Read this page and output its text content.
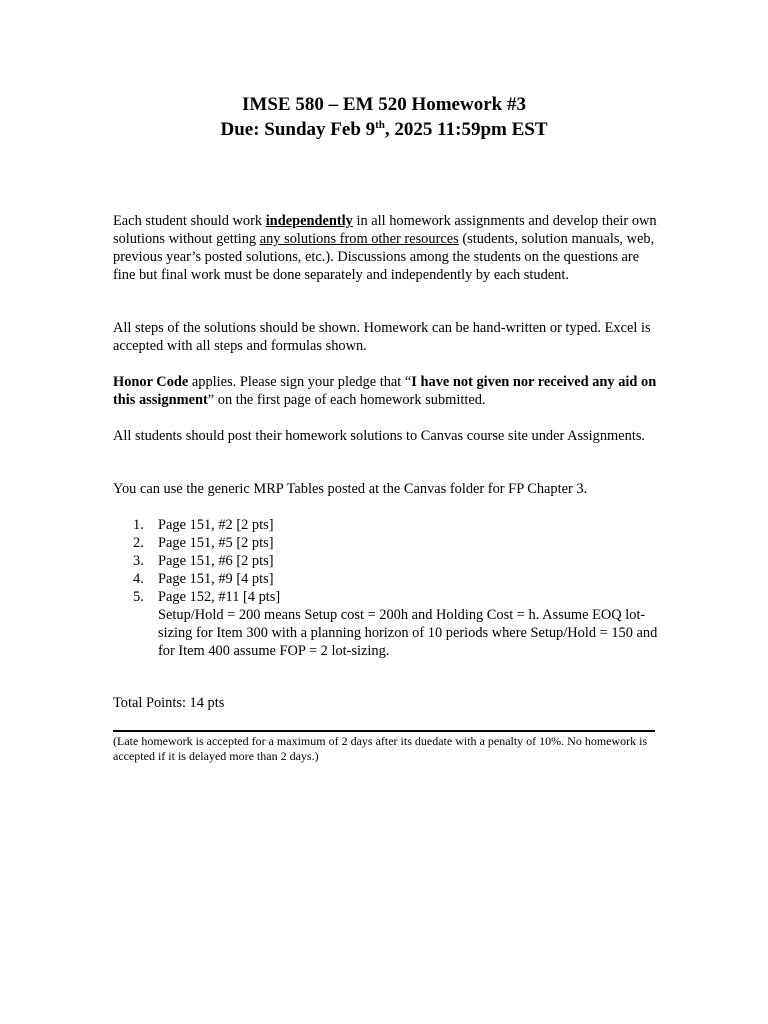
IMSE 580 – EM 520 Homework #3
Due: Sunday Feb 9th, 2025 11:59pm EST
Each student should work independently in all homework assignments and develop their own solutions without getting any solutions from other resources (students, solution manuals, web, previous year’s posted solutions, etc.). Discussions among the students on the questions are fine but final work must be done separately and independently by each student.
All steps of the solutions should be shown. Homework can be hand-written or typed. Excel is accepted with all steps and formulas shown.
Honor Code applies. Please sign your pledge that “I have not given nor received any aid on this assignment” on the first page of each homework submitted.
All students should post their homework solutions to Canvas course site under Assignments.
You can use the generic MRP Tables posted at the Canvas folder for FP Chapter 3.
1. Page 151, #2 [2 pts]
2. Page 151, #5 [2 pts]
3. Page 151, #6 [2 pts]
4. Page 151, #9 [4 pts]
5. Page 152, #11 [4 pts]
Setup/Hold = 200 means Setup cost = 200h and Holding Cost = h. Assume EOQ lot-sizing for Item 300 with a planning horizon of 10 periods where Setup/Hold = 150 and for Item 400 assume FOP = 2 lot-sizing.
Total Points: 14 pts
(Late homework is accepted for a maximum of 2 days after its duedate with a penalty of 10%. No homework is accepted if it is delayed more than 2 days.)
